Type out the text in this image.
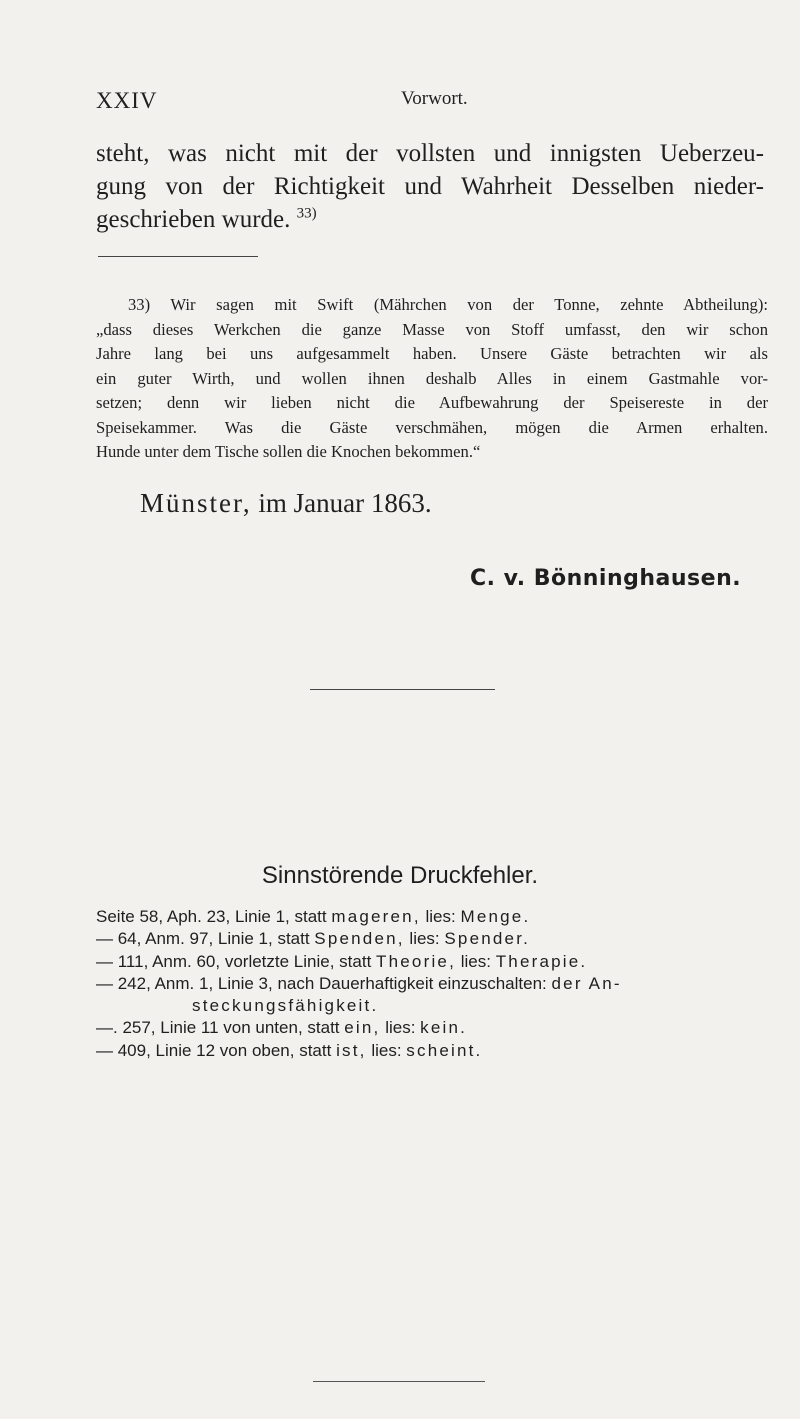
XXIV	Vorwort.

steht, was nicht mit der vollsten und innigsten Ueberzeu-
gung von der Richtigkeit und Wahrheit Desselben nieder-
geschrieben wurde. $^{33)}$

33) Wir sagen mit Swift (Mährchen von der Tonne, zehnte Abtheilung):
„dass dieses Werkchen die ganze Masse von Stoff umfasst, den wir schon
Jahre lang bei uns aufgesammelt haben. Unsere Gäste betrachten wir als
ein guter Wirth, und wollen ihnen deshalb Alles in einem Gastmahle vor-
setzen; denn wir lieben nicht die Aufbewahrung der Speisereste in der
Speisekammer. Was die Gäste verschmähen, mögen die Armen erhalten.
Hunde unter dem Tische sollen die Knochen bekommen.“

Münster, im Januar 1863.
C. v. Bönninghausen.
Sinnstörende Druckfehler.
Seite 58, Aph. 23, Linie 1, statt mageren, lies: Menge.
— 64, Anm. 97, Linie 1, statt Spenden, lies: Spender.
— 111, Anm. 60, vorletzte Linie, statt Theorie, lies: Therapie.
— 242, Anm. 1, Linie 3, nach Dauerhaftigkeit einzuschalten: der An-
steckungsfähigkeit.
—. 257, Linie 11 von unten, statt ein, lies: kein.
— 409, Linie 12 von oben, statt ist, lies: scheint.
